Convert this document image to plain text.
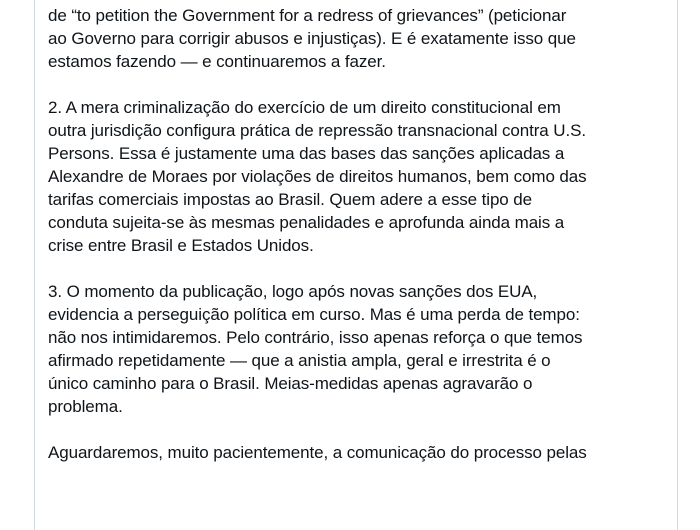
de “to petition the Government for a redress of grievances” (peticionar
ao Governo para corrigir abusos e injustiças). E é exatamente isso que
estamos fazendo — e continuaremos a fazer.

2. A mera criminalização do exercício de um direito constitucional em
outra jurisdição configura prática de repressão transnacional contra U.S.
Persons. Essa é justamente uma das bases das sanções aplicadas a
Alexandre de Moraes por violações de direitos humanos, bem como das
tarifas comerciais impostas ao Brasil. Quem adere a esse tipo de
conduta sujeita-se às mesmas penalidades e aprofunda ainda mais a
crise entre Brasil e Estados Unidos.

3. O momento da publicação, logo após novas sanções dos EUA,
evidencia a perseguição política em curso. Mas é uma perda de tempo:
não nos intimidaremos. Pelo contrário, isso apenas reforça o que temos
afirmado repetidamente — que a anistia ampla, geral e irrestrita é o
único caminho para o Brasil. Meias-medidas apenas agravarão o
problema.

Aguardaremos, muito pacientemente, a comunicação do processo pelas
